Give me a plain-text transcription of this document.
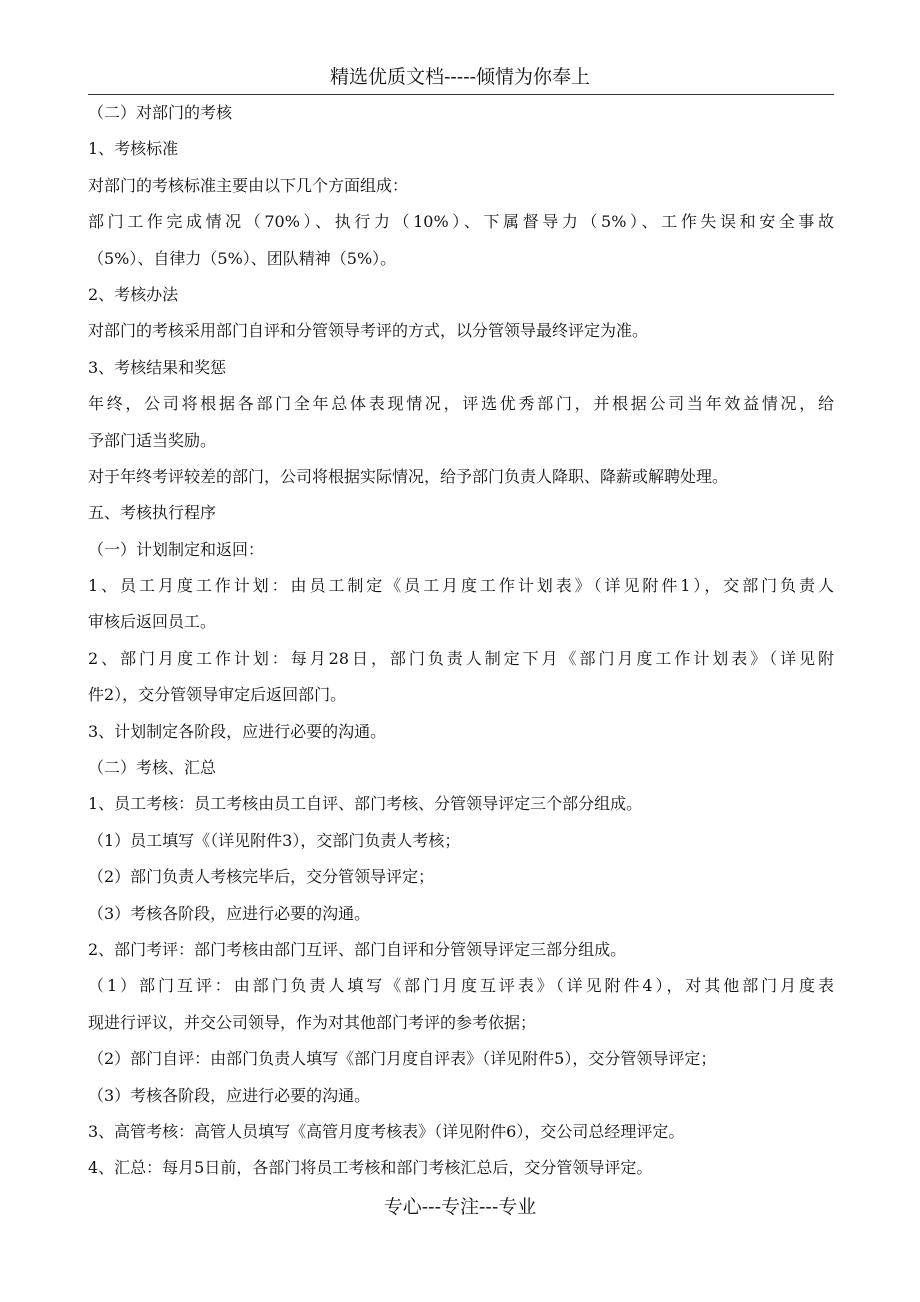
精选优质文档-----倾情为你奉上
（二）对部门的考核
1、考核标准
对部门的考核标准主要由以下几个方面组成：
部门工作完成情况（70%）、执行力（10%）、下属督导力（5%）、工作失误和安全事故
（5%）、自律力（5%）、团队精神（5%）。
2、考核办法
对部门的考核采用部门自评和分管领导考评的方式，以分管领导最终评定为准。
3、考核结果和奖惩
年终，公司将根据各部门全年总体表现情况，评选优秀部门，并根据公司当年效益情况，给
予部门适当奖励。
对于年终考评较差的部门，公司将根据实际情况，给予部门负责人降职、降薪或解聘处理。
五、考核执行程序
（一）计划制定和返回：
1、员工月度工作计划：由员工制定《员工月度工作计划表》（详见附件1），交部门负责人
审核后返回员工。
2、部门月度工作计划：每月28日，部门负责人制定下月《部门月度工作计划表》（详见附
件2），交分管领导审定后返回部门。
3、计划制定各阶段，应进行必要的沟通。
（二）考核、汇总
1、员工考核：员工考核由员工自评、部门考核、分管领导评定三个部分组成。
（1）员工填写《（详见附件3），交部门负责人考核；
（2）部门负责人考核完毕后，交分管领导评定；
（3）考核各阶段，应进行必要的沟通。
2、部门考评：部门考核由部门互评、部门自评和分管领导评定三部分组成。
（1）部门互评：由部门负责人填写《部门月度互评表》（详见附件4），对其他部门月度表
现进行评议，并交公司领导，作为对其他部门考评的参考依据；
（2）部门自评：由部门负责人填写《部门月度自评表》（详见附件5），交分管领导评定；
（3）考核各阶段，应进行必要的沟通。
3、高管考核：高管人员填写《高管月度考核表》（详见附件6），交公司总经理评定。
4、汇总：每月5日前，各部门将员工考核和部门考核汇总后，交分管领导评定。
专心---专注---专业
